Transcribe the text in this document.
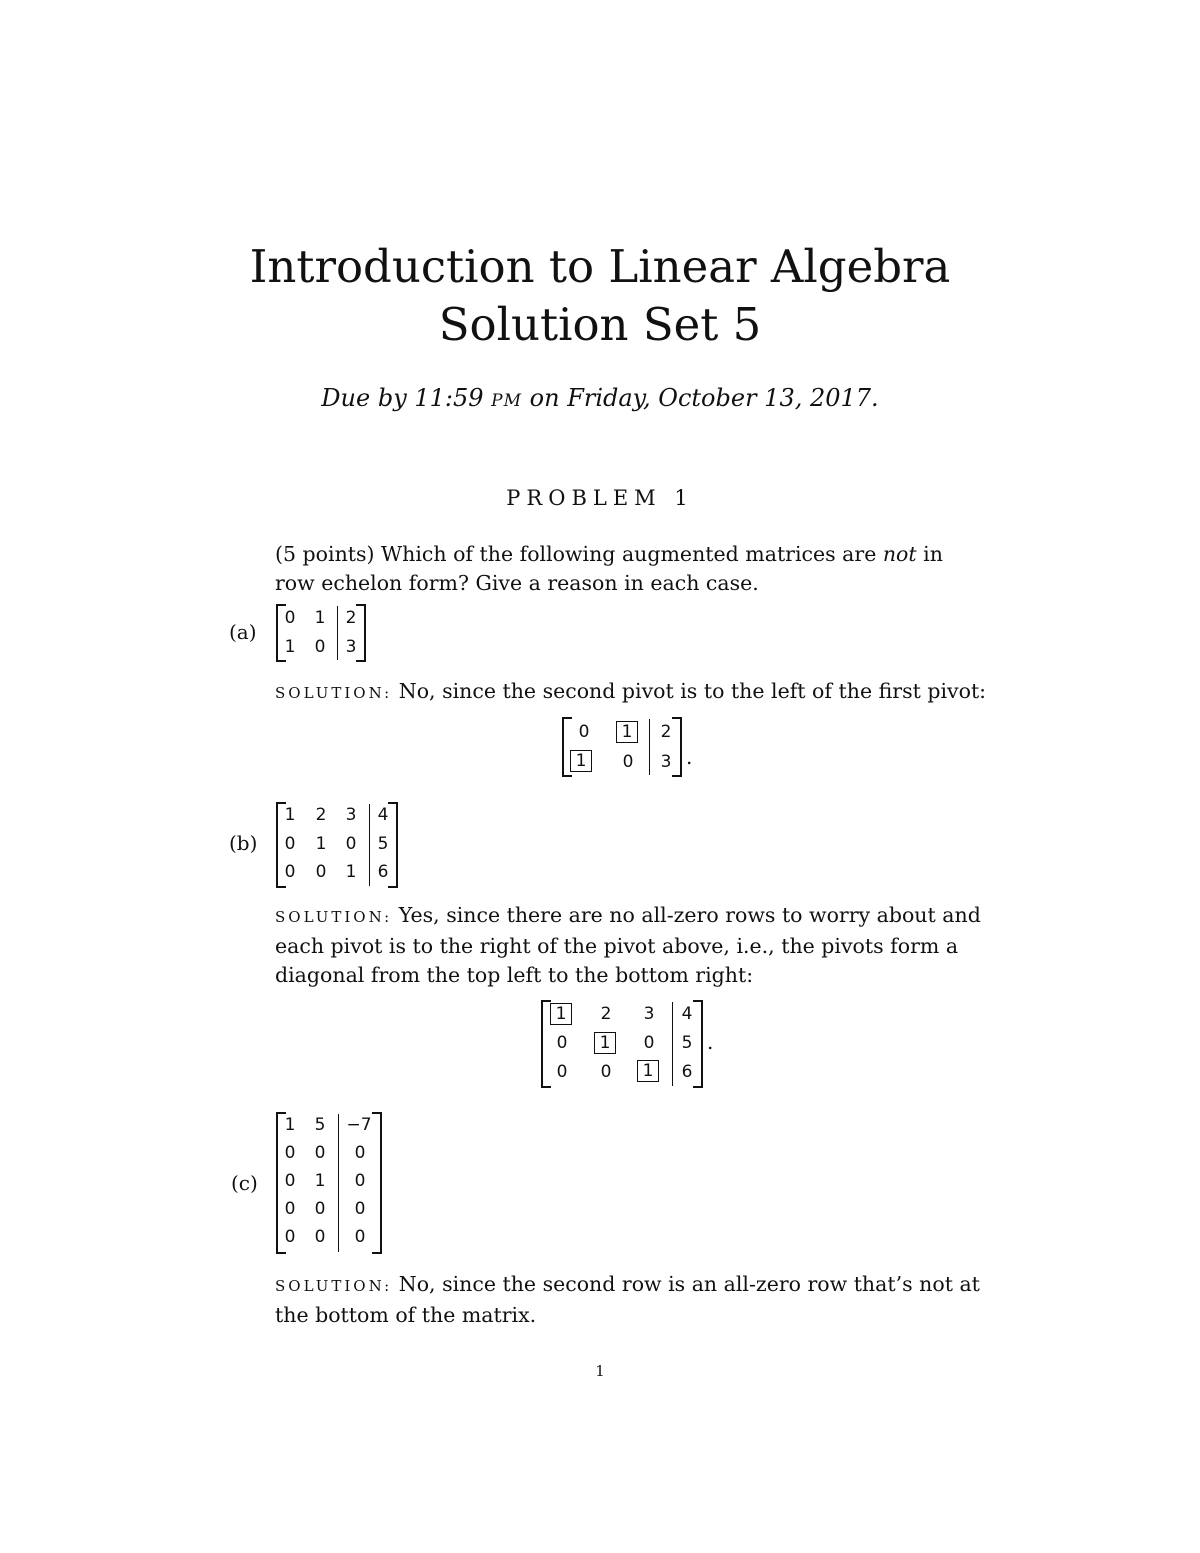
Introduction to Linear Algebra
Solution Set 5
Due by 11:59 PM on Friday, October 13, 2017.
PROBLEM 1
(5 points) Which of the following augmented matrices are not in row echelon form? Give a reason in each case.
(a)
0	1	2
1	0	3
SOLUTION: No, since the second pivot is to the left of the first pivot:
0	1	2
1	0	3 .
(b)
1	2	3	4
0	1	0	5
0	0	1	6
SOLUTION: Yes, since there are no all-zero rows to worry about and each pivot is to the right of the pivot above, i.e., the pivots form a diagonal from the top left to the bottom right:
1	2	3	4
0	1	0	5
0	0	1	6
.
(c)
1	5	−7
0	0	0
0	1	0
0	0	0
0	0	0
SOLUTION: No, since the second row is an all-zero row that’s not at the bottom of the matrix.
1
